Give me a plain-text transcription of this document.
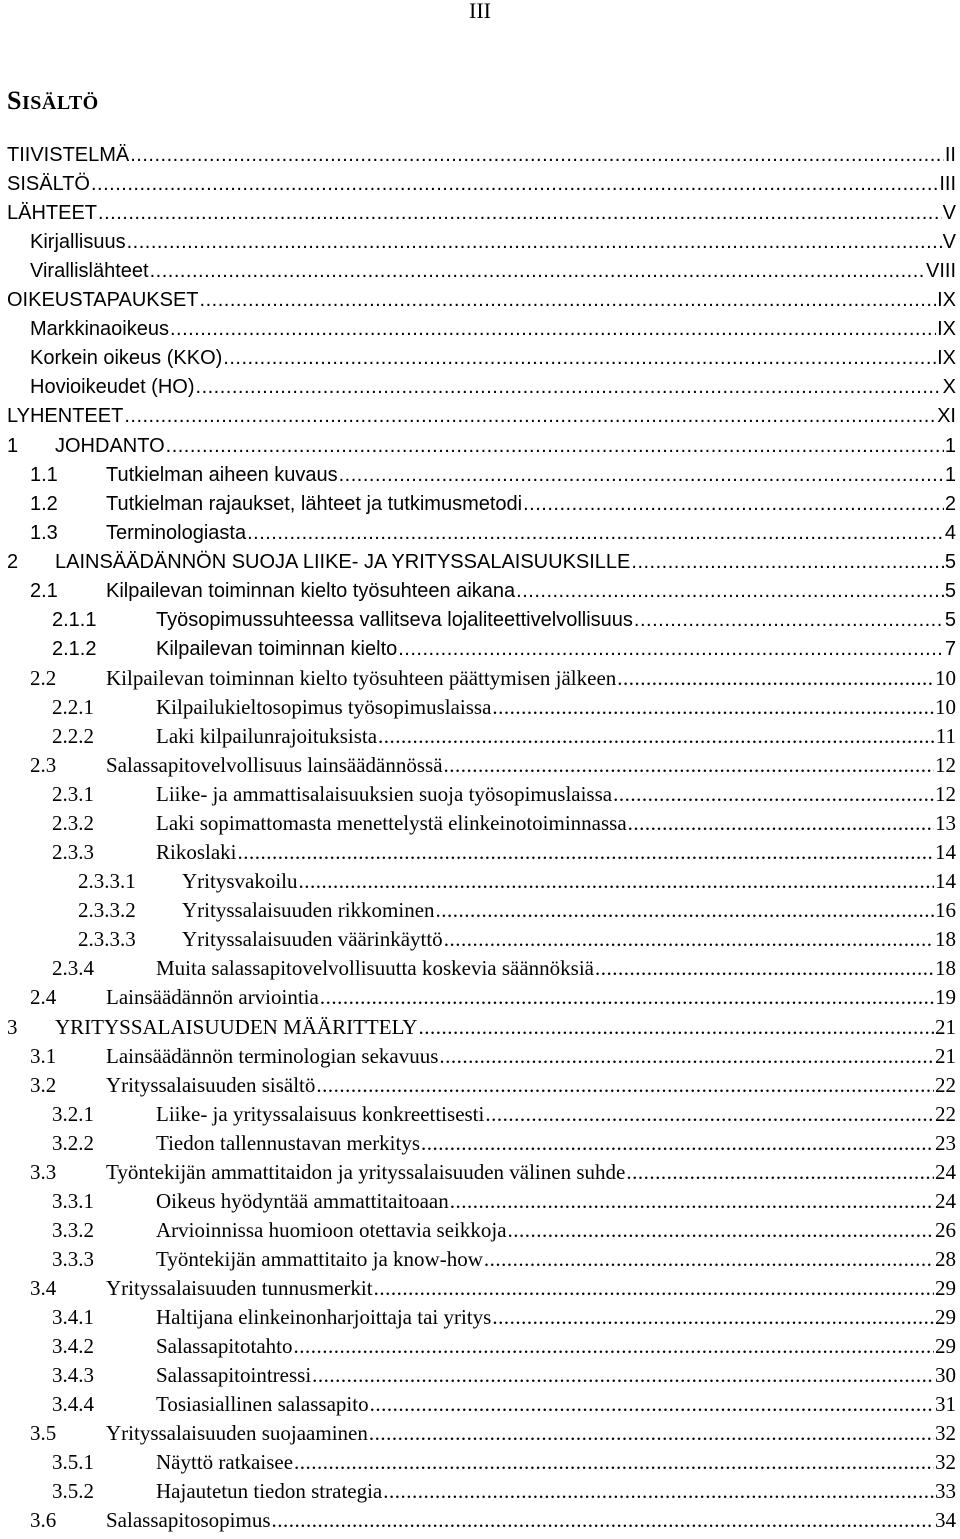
III
SISÄLTÖ
TIIVISTELMÄ .....	II
SISÄLTÖ .....	III
LÄHTEET .....	V
Kirjallisuus .....	V
Virallislähteet .....	VIII
OIKEUSTAPAUKSET .....	IX
Markkinaoikeus .....	IX
Korkein oikeus (KKO) .....	IX
Hovioikeudet (HO) .....	X
LYHENTEET .....	XI
1 JOHDANTO .....	1
1.1 Tutkielman aiheen kuvaus .....	1
1.2 Tutkielman rajaukset, lähteet ja tutkimusmetodi .....	2
1.3 Terminologiasta .....	4
2 LAINSÄÄDÄNNÖN SUOJA LIIKE- JA YRITYSSALAISUUKSILLE .....	5
2.1 Kilpailevan toiminnan kielto työsuhteen aikana .....	5
2.1.1	Työsopimussuhteessa vallitseva lojaliteettivelvollisuus .....	5
2.1.2	Kilpailevan toiminnan kielto .....	7
2.2 Kilpailevan toiminnan kielto työsuhteen päättymisen jälkeen .....	10
2.2.1	Kilpailukieltosopimus työsopimuslaissa .....	10
2.2.2	Laki kilpailunrajoituksista .....	11
2.3 Salassapitovelvollisuus lainsäädännössä .....	12
2.3.1	Liike- ja ammattisalaisuuksien suoja työsopimuslaissa .....	12
2.3.2	Laki sopimattomasta menettelystä elinkeinotoiminnassa .....	13
2.3.3	Rikoslaki .....	14
2.3.3.1 Yritysvakoilu .....	14
2.3.3.2 Yrityssalaisuuden rikkominen .....	16
2.3.3.3 Yrityssalaisuuden väärinkäyttö .....	18
2.3.4	Muita salassapitovelvollisuutta koskevia säännöksiä .....	18
2.4 Lainsäädännön arviointia .....	19
3 YRITYSSALAISUUDEN MÄÄRITTELY .....	21
3.1 Lainsäädännön terminologian sekavuus .....	21
3.2 Yrityssalaisuuden sisältö .....	22
3.2.1	Liike- ja yrityssalaisuus konkreettisesti .....	22
3.2.2	Tiedon tallennustavan merkitys .....	23
3.3 Työntekijän ammattitaidon ja yrityssalaisuuden välinen suhde .....	24
3.3.1	Oikeus hyödyntää ammattitaitoaan .....	24
3.3.2	Arvioinnissa huomioon otettavia seikkoja .....	26
3.3.3	Työntekijän ammattitaito ja know-how .....	28
3.4 Yrityssalaisuuden tunnusmerkit .....	29
3.4.1	Haltijana elinkeinonharjoittaja tai yritys .....	29
3.4.2	Salassapitotahto .....	29
3.4.3	Salassapitointressi .....	30
3.4.4	Tosiasiallinen salassapito .....	31
3.5 Yrityssalaisuuden suojaaminen .....	32
3.5.1	Näyttö ratkaisee .....	32
3.5.2	Hajautetun tiedon strategia .....	33
3.6 Salassapitosopimus .....	34
